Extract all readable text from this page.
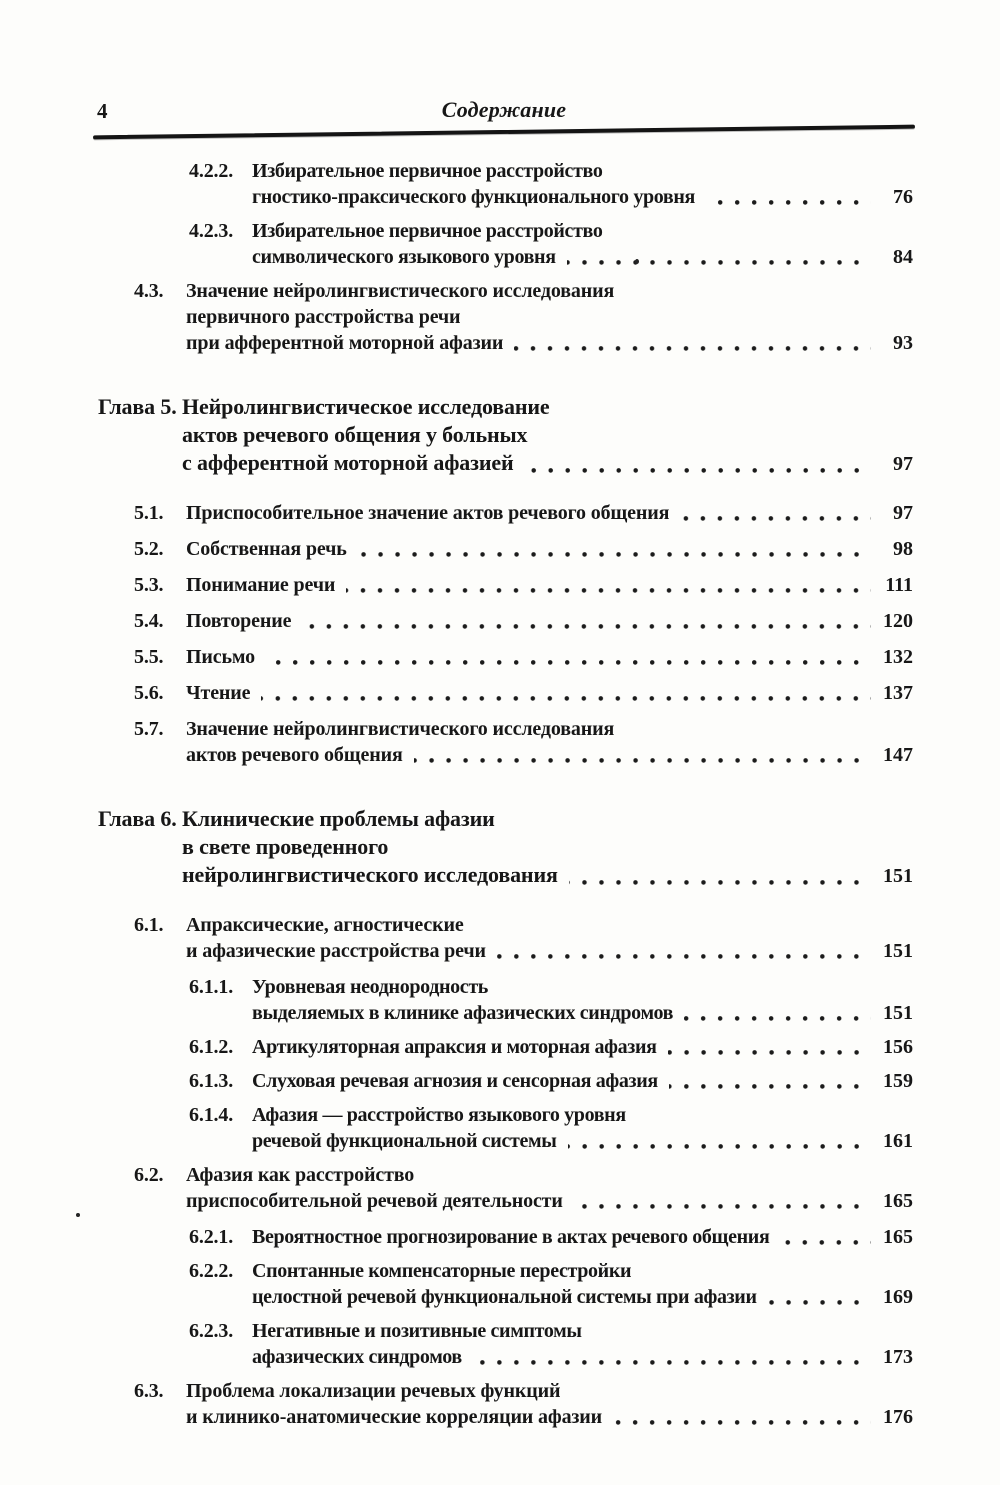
4	Содержание
4.2.2. Избирательное первичное расстройство
гностико-праксического функционального уровня	76
4.2.3. Избирательное первичное расстройство
символического языкового уровня	84
4.3.	Значение нейролингвистического исследования
первичного расстройства речи
при афферентной моторной афазии	93
Глава 5. Нейролингвистическое исследование
актов речевого общения у больных
с афферентной моторной афазией	97
5.1.	Приспособительное значение актов речевого общения	97
5.2.	Собственная речь	98
5.3.	Понимание речи	111
5.4.	Повторение	120
5.5.	Письмо	132
5.6.	Чтение	137
5.7.	Значение нейролингвистического исследования
актов речевого общения	147
Глава 6. Клинические проблемы афазии
в свете проведенного
нейролингвистического исследования	151
6.1.	Апраксические, агностические
и афазические расстройства речи	151
6.1.1. Уровневая неоднородность
выделяемых в клинике афазических синдромов	151
6.1.2. Артикуляторная апраксия и моторная афазия	156
6.1.3. Слуховая речевая агнозия и сенсорная афазия	159
6.1.4. Афазия — расстройство языкового уровня
речевой функциональной системы	161
6.2.	Афазия как расстройство
приспособительной речевой деятельности	165
6.2.1. Вероятностное прогнозирование в актах речевого общения	165
6.2.2. Спонтанные компенсаторные перестройки
целостной речевой функциональной системы при афазии	169
6.2.3. Негативные и позитивные симптомы
афазических синдромов	173
6.3.	Проблема локализации речевых функций
и клинико-анатомические корреляции афазии	176
